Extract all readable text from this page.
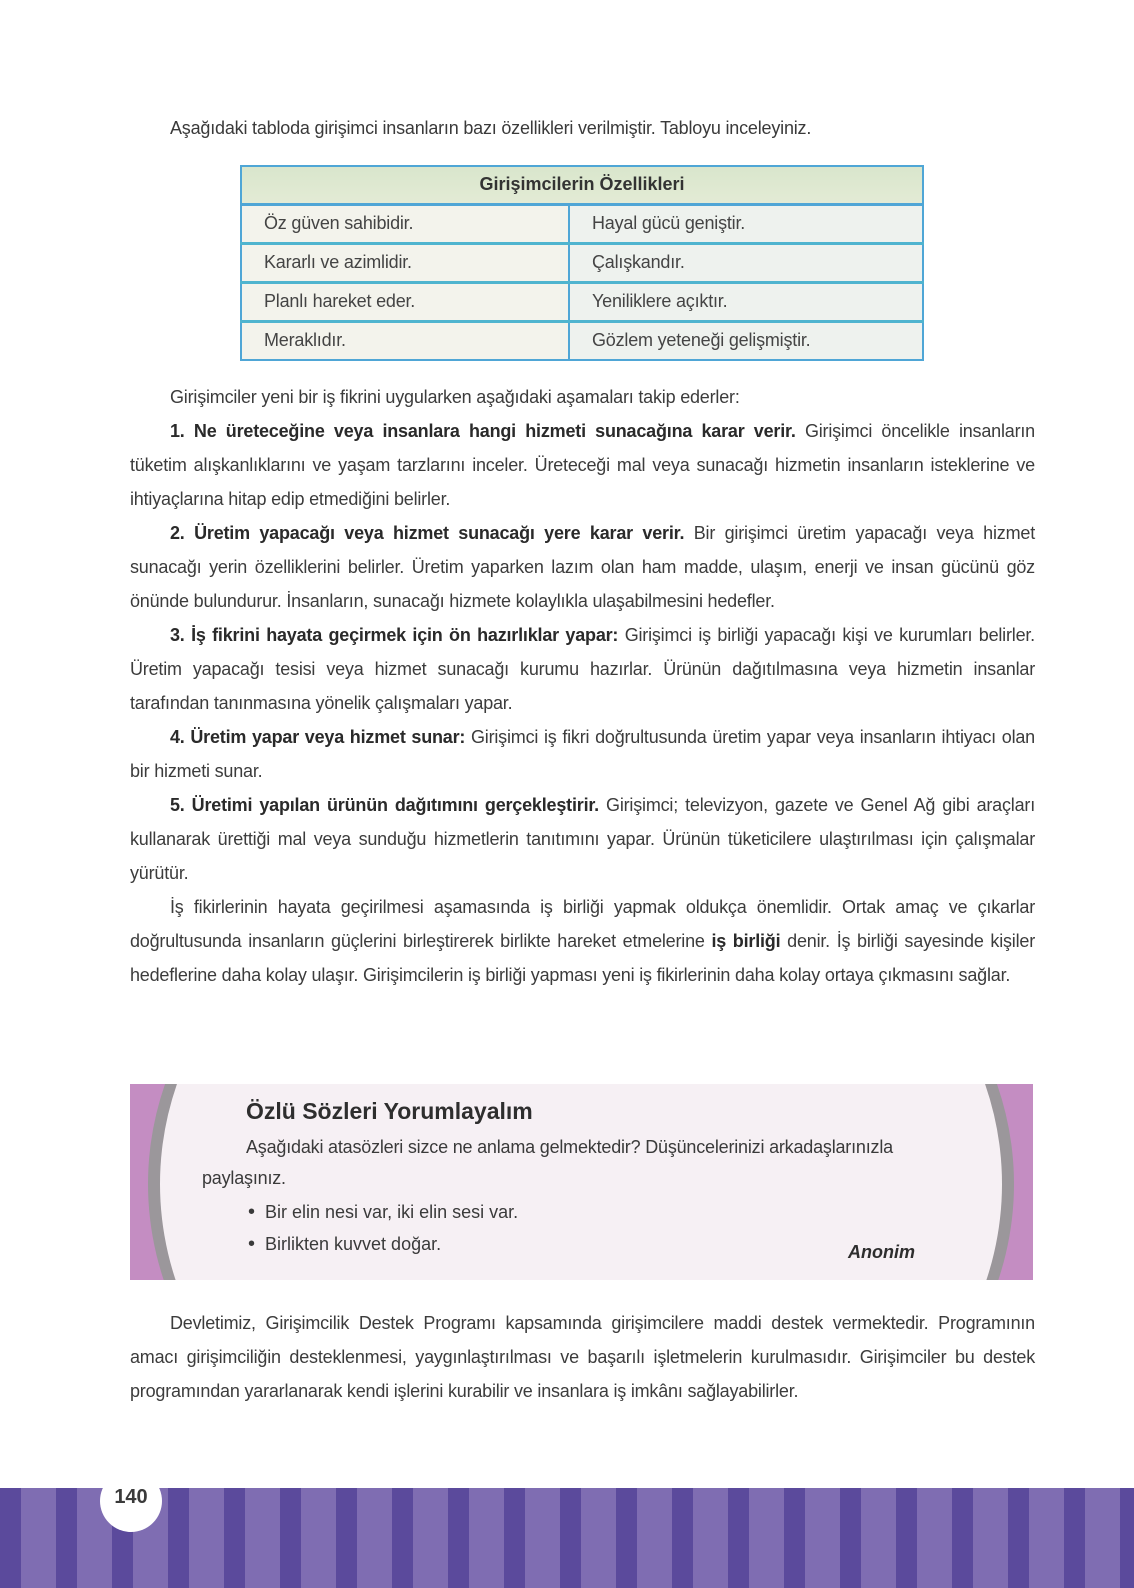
Aşağıdaki tabloda girişimci insanların bazı özellikleri verilmiştir. Tabloyu inceleyiniz.
Girişimcilerin Özellikleri	
Öz güven sahibidir.	Hayal gücü geniştir.
Kararlı ve azimlidir.	Çalışkandır.
Planlı hareket eder.	Yeniliklere açıktır.
Meraklıdır.	Gözlem yeteneği gelişmiştir.

Girişimciler yeni bir iş fikrini uygularken aşağıdaki aşamaları takip ederler:

1. Ne üreteceğine veya insanlara hangi hizmeti sunacağına karar verir. Girişimci öncelikle insanların tüketim alışkanlıklarını ve yaşam tarzlarını inceler. Üreteceği mal veya sunacağı hizmetin insanların isteklerine ve ihtiyaçlarına hitap edip etmediğini belirler.

2. Üretim yapacağı veya hizmet sunacağı yere karar verir. Bir girişimci üretim yapacağı veya hizmet sunacağı yerin özelliklerini belirler. Üretim yaparken lazım olan ham madde, ulaşım, enerji ve insan gücünü göz önünde bulundurur. İnsanların, sunacağı hizmete kolaylıkla ulaşabilmesini hedefler.

3. İş fikrini hayata geçirmek için ön hazırlıklar yapar: Girişimci iş birliği yapacağı kişi ve kurumları belirler. Üretim yapacağı tesisi veya hizmet sunacağı kurumu hazırlar. Ürünün dağıtılmasına veya hizmetin insanlar tarafından tanınmasına yönelik çalışmaları yapar.

4. Üretim yapar veya hizmet sunar: Girişimci iş fikri doğrultusunda üretim yapar veya insanların ihtiyacı olan bir hizmeti sunar.

5. Üretimi yapılan ürünün dağıtımını gerçekleştirir. Girişimci; televizyon, gazete ve Genel Ağ gibi araçları kullanarak ürettiği mal veya sunduğu hizmetlerin tanıtımını yapar. Ürünün tüketicilere ulaştırılması için çalışmalar yürütür.

İş fikirlerinin hayata geçirilmesi aşamasında iş birliği yapmak oldukça önemlidir. Ortak amaç ve çıkarlar doğrultusunda insanların güçlerini birleştirerek birlikte hareket etmelerine iş birliği denir. İş birliği sayesinde kişiler hedeflerine daha kolay ulaşır. Girişimcilerin iş birliği yapması yeni iş fikirlerinin daha kolay ortaya çıkmasını sağlar.

Özlü Sözleri Yorumlayalım
Aşağıdaki atasözleri sizce ne anlama gelmektedir? Düşüncelerinizi arkadaşlarınızla paylaşınız.
• Bir elin nesi var, iki elin sesi var.
• Birlikten kuvvet doğar.	Anonim

Devletimiz, Girişimcilik Destek Programı kapsamında girişimcilere maddi destek vermektedir. Programının amacı girişimciliğin desteklenmesi, yaygınlaştırılması ve başarılı işletmelerin kurulmasıdır. Girişimciler bu destek programından yararlanarak kendi işlerini kurabilir ve insanlara iş imkânı sağlayabilirler.

140
